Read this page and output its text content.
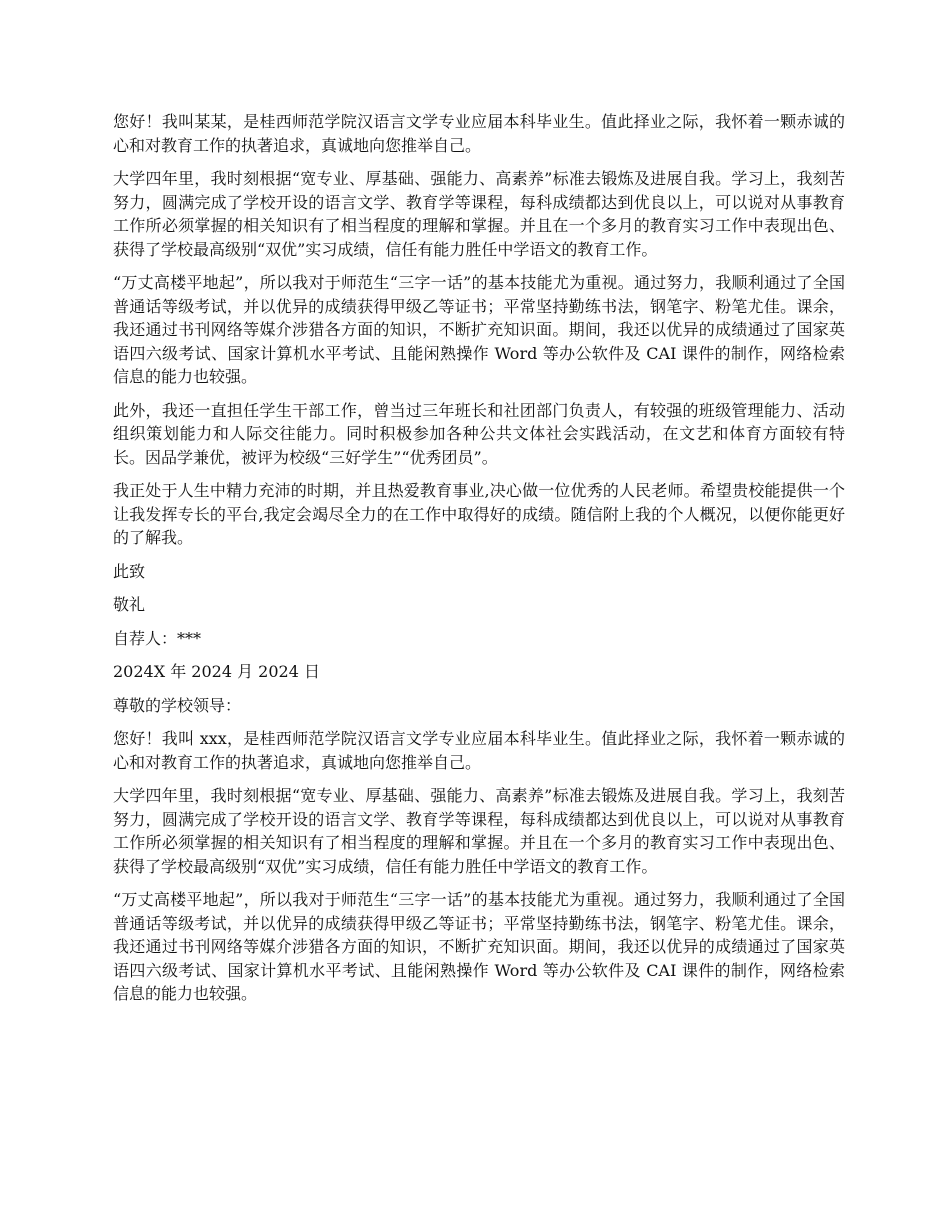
您好！我叫某某，是桂西师范学院汉语言文学专业应届本科毕业生。值此择业之际，我怀着一颗赤诚的心和对教育工作的执著追求，真诚地向您推举自己。

大学四年里，我时刻根据“宽专业、厚基础、强能力、高素养”标准去锻炼及进展自我。学习上，我刻苦努力，圆满完成了学校开设的语言文学、教育学等课程，每科成绩都达到优良以上，可以说对从事教育工作所必须掌握的相关知识有了相当程度的理解和掌握。并且在一个多月的教育实习工作中表现出色、获得了学校最高级别“双优”实习成绩，信任有能力胜任中学语文的教育工作。

“万丈高楼平地起”，所以我对于师范生“三字一话”的基本技能尤为重视。通过努力，我顺利通过了全国普通话等级考试，并以优异的成绩获得甲级乙等证书；平常坚持勤练书法，钢笔字、粉笔尤佳。课余，我还通过书刊网络等媒介涉猎各方面的知识，不断扩充知识面。期间，我还以优异的成绩通过了国家英语四六级考试、国家计算机水平考试、且能闲熟操作 Word 等办公软件及 CAI 课件的制作，网络检索信息的能力也较强。

此外，我还一直担任学生干部工作，曾当过三年班长和社团部门负责人，有较强的班级管理能力、活动组织策划能力和人际交往能力。同时积极参加各种公共文体社会实践活动，在文艺和体育方面较有特长。因品学兼优，被评为校级“三好学生”“优秀团员”。

我正处于人生中精力充沛的时期，并且热爱教育事业,决心做一位优秀的人民老师。希望贵校能提供一个让我发挥专长的平台,我定会竭尽全力的在工作中取得好的成绩。随信附上我的个人概况，以便你能更好的了解我。

此致

敬礼

自荐人：***

2024X 年 2024 月 2024 日

尊敬的学校领导：

您好！我叫 xxx，是桂西师范学院汉语言文学专业应届本科毕业生。值此择业之际，我怀着一颗赤诚的心和对教育工作的执著追求，真诚地向您推举自己。

大学四年里，我时刻根据“宽专业、厚基础、强能力、高素养”标准去锻炼及进展自我。学习上，我刻苦努力，圆满完成了学校开设的语言文学、教育学等课程，每科成绩都达到优良以上，可以说对从事教育工作所必须掌握的相关知识有了相当程度的理解和掌握。并且在一个多月的教育实习工作中表现出色、获得了学校最高级别“双优”实习成绩，信任有能力胜任中学语文的教育工作。

“万丈高楼平地起”，所以我对于师范生“三字一话”的基本技能尤为重视。通过努力，我顺利通过了全国普通话等级考试，并以优异的成绩获得甲级乙等证书；平常坚持勤练书法，钢笔字、粉笔尤佳。课余，我还通过书刊网络等媒介涉猎各方面的知识，不断扩充知识面。期间，我还以优异的成绩通过了国家英语四六级考试、国家计算机水平考试、且能闲熟操作 Word 等办公软件及 CAI 课件的制作，网络检索信息的能力也较强。
